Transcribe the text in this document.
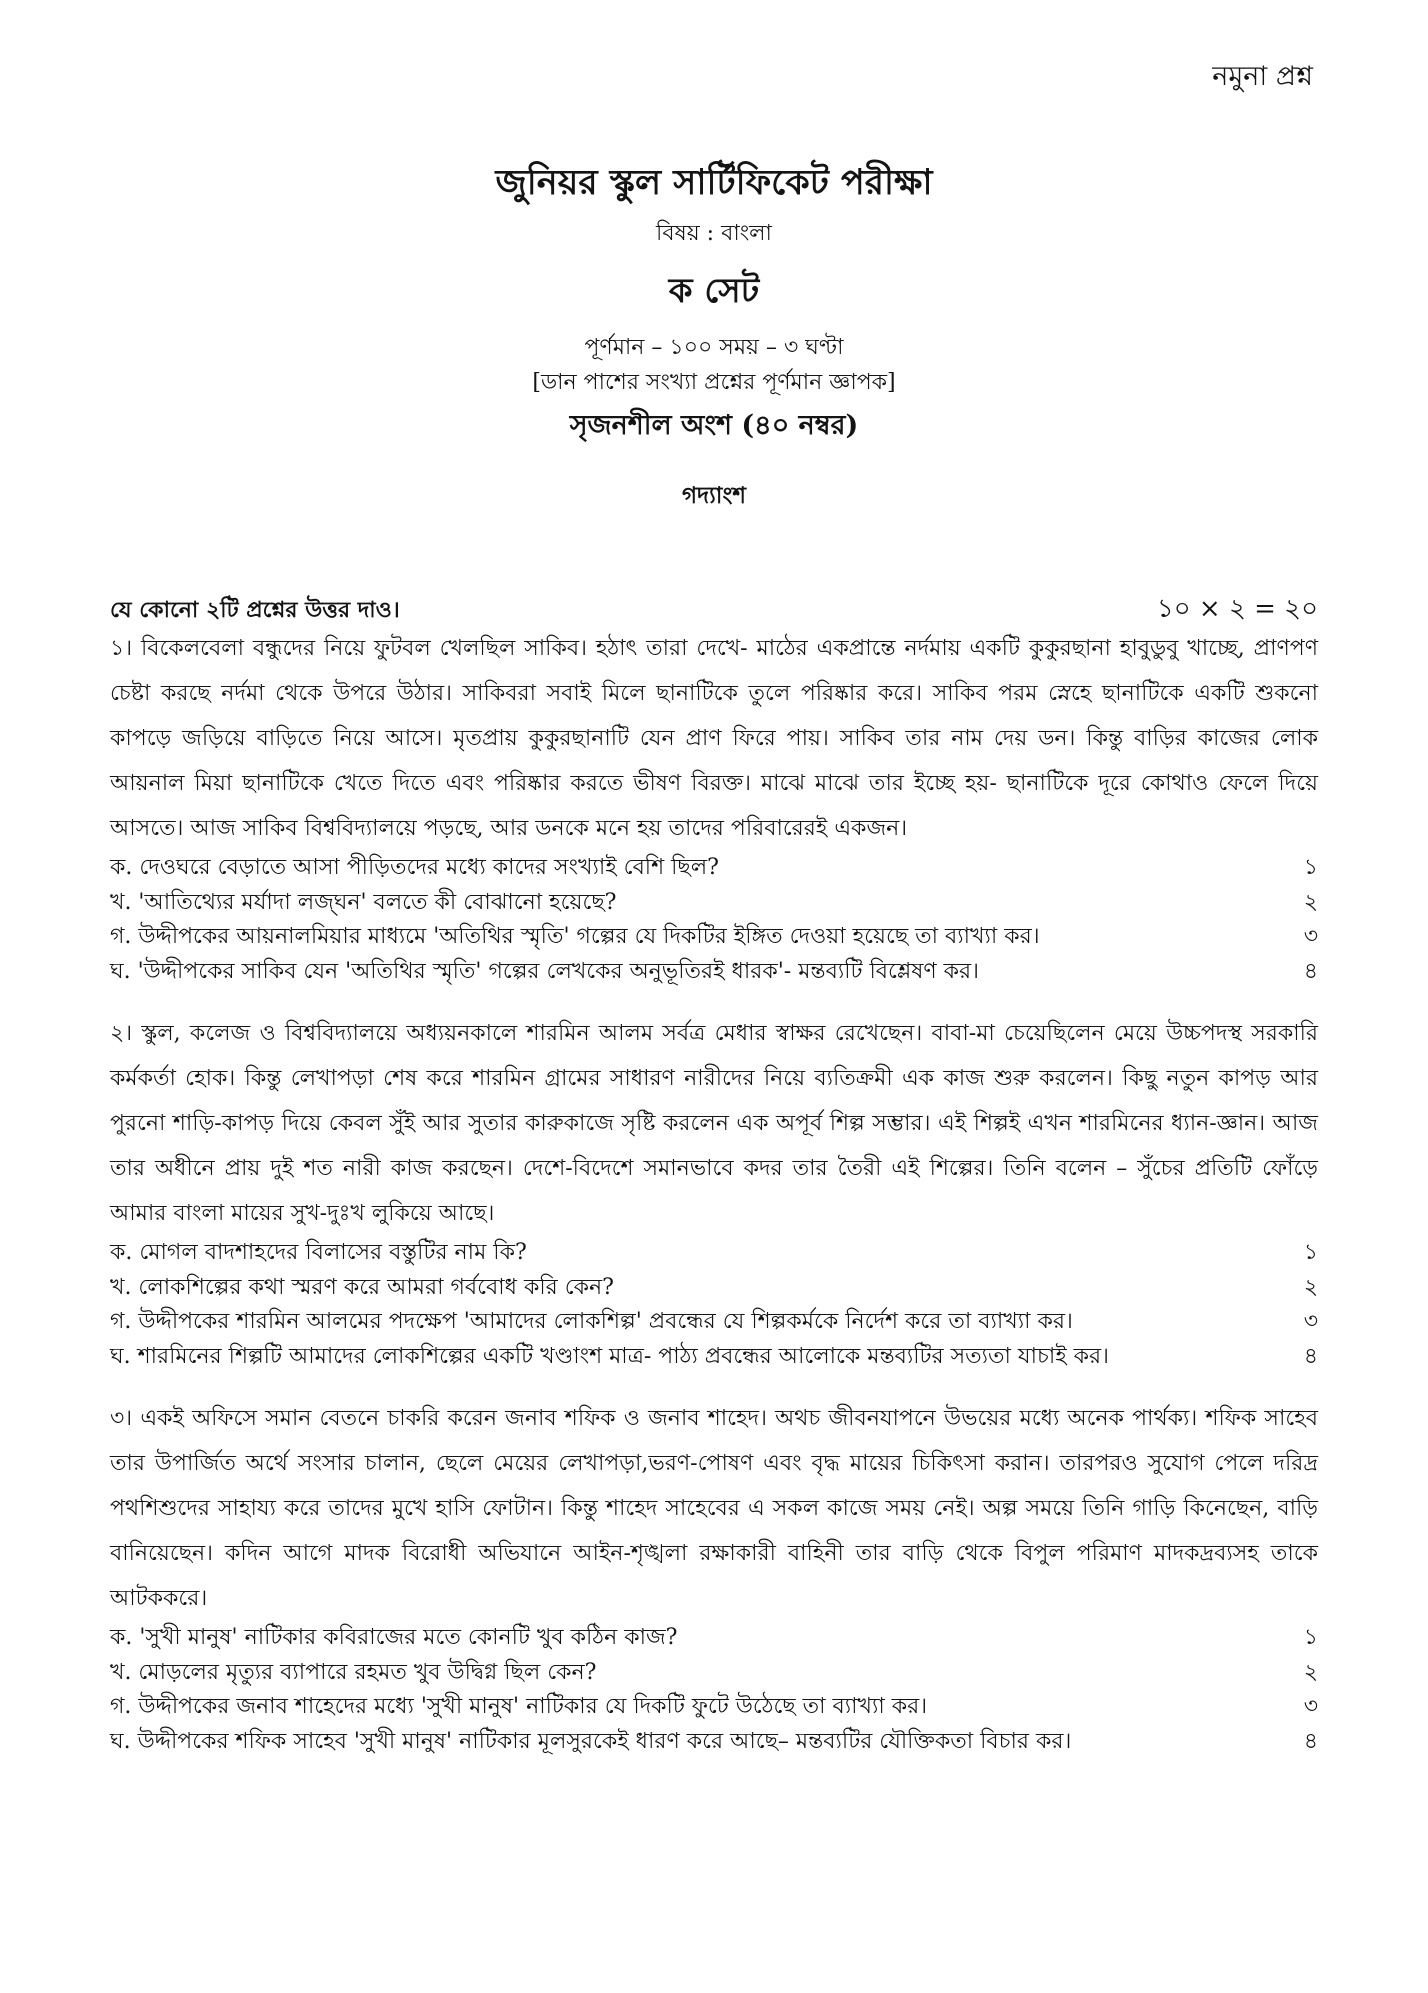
নমুনা প্রশ্ন
জুনিয়র স্কুল সার্টিফিকেট পরীক্ষা
বিষয় : বাংলা
ক সেট
পূর্ণমান – ১০০ সময় – ৩ ঘণ্টা
[ডান পাশের সংখ্যা প্রশ্নের পূর্ণমান জ্ঞাপক]
সৃজনশীল অংশ (৪০ নম্বর)
গদ্যাংশ
যে কোনো ২টি প্রশ্নের উত্তর দাও।	১০ × ২ = ২০

১। বিকেলবেলা বন্ধুদের নিয়ে ফুটবল খেলছিল সাকিব। হঠাৎ তারা দেখে- মাঠের একপ্রান্তে নর্দমায় একটি কুকুরছানা হাবুডুবু খাচ্ছে, প্রাণপণ চেষ্টা করছে নর্দমা থেকে উপরে উঠার। সাকিবরা সবাই মিলে ছানাটিকে তুলে পরিষ্কার করে। সাকিব পরম স্নেহে ছানাটিকে একটি শুকনো কাপড়ে জড়িয়ে বাড়িতে নিয়ে আসে। মৃতপ্রায় কুকুরছানাটি যেন প্রাণ ফিরে পায়। সাকিব তার নাম দেয় ডন। কিন্তু বাড়ির কাজের লোক আয়নাল মিয়া ছানাটিকে খেতে দিতে এবং পরিষ্কার করতে ভীষণ বিরক্ত। মাঝে মাঝে তার ইচ্ছে হয়- ছানাটিকে দূরে কোথাও ফেলে দিয়ে আসতে। আজ সাকিব বিশ্ববিদ্যালয়ে পড়ছে, আর ডনকে মনে হয় তাদের পরিবারেরই একজন।

ক. দেওঘরে বেড়াতে আসা পীড়িতদের মধ্যে কাদের সংখ্যাই বেশি ছিল?	১
খ. 'আতিথ্যের মর্যাদা লজ্ঘন' বলতে কী বোঝানো হয়েছে?	২
গ. উদ্দীপকের আয়নালমিয়ার মাধ্যমে 'অতিথির স্মৃতি' গল্পের যে দিকটির ইঙ্গিত দেওয়া হয়েছে তা ব্যাখ্যা কর।	৩
ঘ. 'উদ্দীপকের সাকিব যেন 'অতিথির স্মৃতি' গল্পের লেখকের অনুভূতিরই ধারক'- মন্তব্যটি বিশ্লেষণ কর।	৪

২। স্কুল, কলেজ ও বিশ্ববিদ্যালয়ে অধ্যয়নকালে শারমিন আলম সর্বত্র মেধার স্বাক্ষর রেখেছেন। বাবা-মা চেয়েছিলেন মেয়ে উচ্চপদস্থ সরকারি কর্মকর্তা হোক। কিন্তু লেখাপড়া শেষ করে শারমিন গ্রামের সাধারণ নারীদের নিয়ে ব্যতিক্রমী এক কাজ শুরু করলেন। কিছু নতুন কাপড় আর পুরনো শাড়ি-কাপড় দিয়ে কেবল সুঁই আর সুতার কারুকাজে সৃষ্টি করলেন এক অপূর্ব শিল্প সম্ভার। এই শিল্পই এখন শারমিনের ধ্যান-জ্ঞান। আজ তার অধীনে প্রায় দুই শত নারী কাজ করছেন। দেশে-বিদেশে সমানভাবে কদর তার তৈরী এই শিল্পের। তিনি বলেন – সুঁচের প্রতিটি ফোঁড়ে আমার বাংলা মায়ের সুখ-দুঃখ লুকিয়ে আছে।

ক. মোগল বাদশাহদের বিলাসের বস্তুটির নাম কি?	১
খ. লোকশিল্পের কথা স্মরণ করে আমরা গর্ববোধ করি কেন?	২
গ. উদ্দীপকের শারমিন আলমের পদক্ষেপ 'আমাদের লোকশিল্প' প্রবন্ধের যে শিল্পকর্মকে নির্দেশ করে তা ব্যাখ্যা কর।	৩
ঘ. শারমিনের শিল্পটি আমাদের লোকশিল্পের একটি খণ্ডাংশ মাত্র- পাঠ্য প্রবন্ধের আলোকে মন্তব্যটির সত্যতা যাচাই কর।	৪

৩। একই অফিসে সমান বেতনে চাকরি করেন জনাব শফিক ও জনাব শাহেদ। অথচ জীবনযাপনে উভয়ের মধ্যে অনেক পার্থক্য। শফিক সাহেব তার উপার্জিত অর্থে সংসার চালান, ছেলে মেয়ের লেখাপড়া,ভরণ-পোষণ এবং বৃদ্ধ মায়ের চিকিৎসা করান। তারপরও সুযোগ পেলে দরিদ্র পথশিশুদের সাহায্য করে তাদের মুখে হাসি ফোটান। কিন্তু শাহেদ সাহেবের এ সকল কাজে সময় নেই। অল্প সময়ে তিনি গাড়ি কিনেছেন, বাড়ি বানিয়েছেন। কদিন আগে মাদক বিরোধী অভিযানে আইন-শৃঙ্খলা রক্ষাকারী বাহিনী তার বাড়ি থেকে বিপুল পরিমাণ মাদকদ্রব্যসহ তাকে আটককরে।

ক. 'সুখী মানুষ' নাটিকার কবিরাজের মতে কোনটি খুব কঠিন কাজ?	১
খ. মোড়লের মৃত্যুর ব্যাপারে রহমত খুব উদ্বিগ্ন ছিল কেন?	২
গ. উদ্দীপকের জনাব শাহেদের মধ্যে 'সুখী মানুষ' নাটিকার যে দিকটি ফুটে উঠেছে তা ব্যাখ্যা কর।	৩
ঘ. উদ্দীপকের শফিক সাহেব 'সুখী মানুষ' নাটিকার মূলসুরকেই ধারণ করে আছে– মন্তব্যটির যৌক্তিকতা বিচার কর।	৪
